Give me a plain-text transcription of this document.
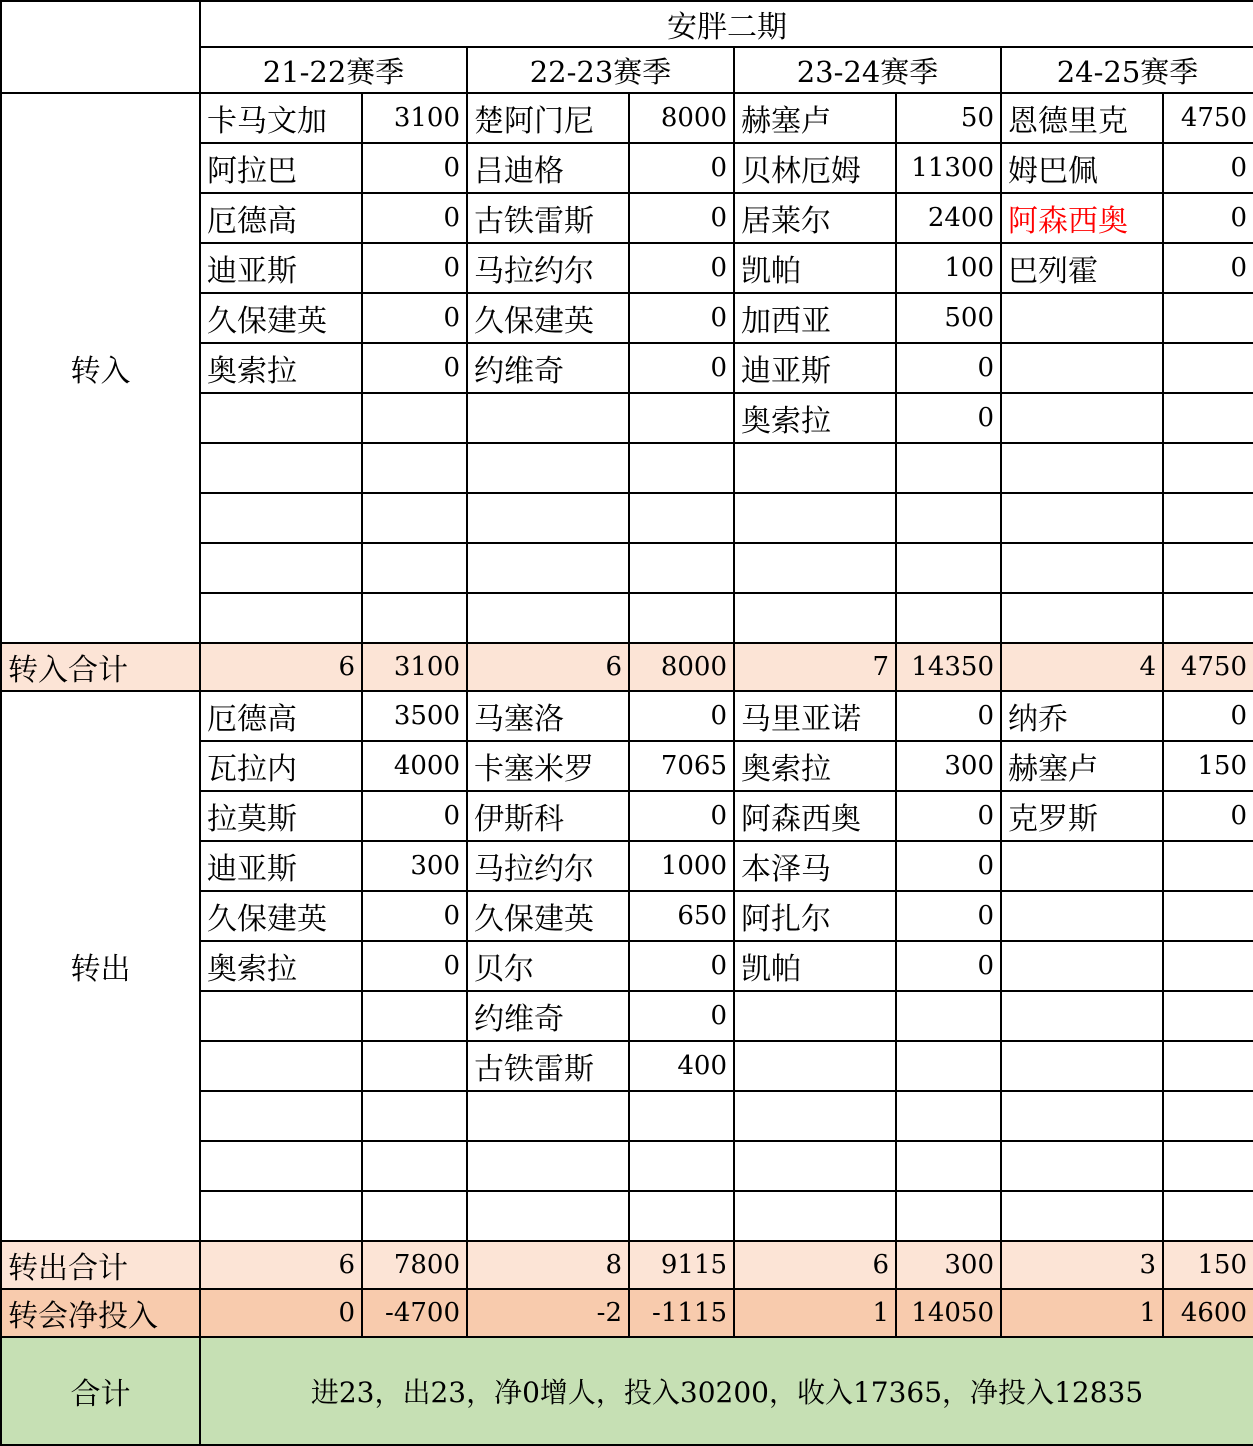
	安胖二期							
	21-22赛季		22-23赛季		23-24赛季		24-25赛季	
转入	卡马文加	3100	楚阿门尼	8000	赫塞卢	50	恩德里克	4750
	阿拉巴	0	吕迪格	0	贝林厄姆	11300	姆巴佩	0
	厄德高	0	古铁雷斯	0	居莱尔	2400	阿森西奥	0
	迪亚斯	0	马拉约尔	0	凯帕	100	巴列霍	0
	久保建英	0	久保建英	0	加西亚	500		
	奥索拉	0	约维奇	0	迪亚斯	0		
					奥索拉	0		

转入合计	6	3100	6	8000	7	14350	4	4750
转出	厄德高	3500	马塞洛	0	马里亚诺	0	纳乔	0
	瓦拉内	4000	卡塞米罗	7065	奥索拉	300	赫塞卢	150
	拉莫斯	0	伊斯科	0	阿森西奥	0	克罗斯	0
	迪亚斯	300	马拉约尔	1000	本泽马	0		
	久保建英	0	久保建英	650	阿扎尔	0		
	奥索拉	0	贝尔	0	凯帕	0		
			约维奇	0				
			古铁雷斯	400				

转出合计	6	7800	8	9115	6	300	3	150
转会净投入	0	-4700	-2	-1115	1	14050	1	4600
合计	进23，出23，净0增人，投入30200，收入17365，净投入12835							
